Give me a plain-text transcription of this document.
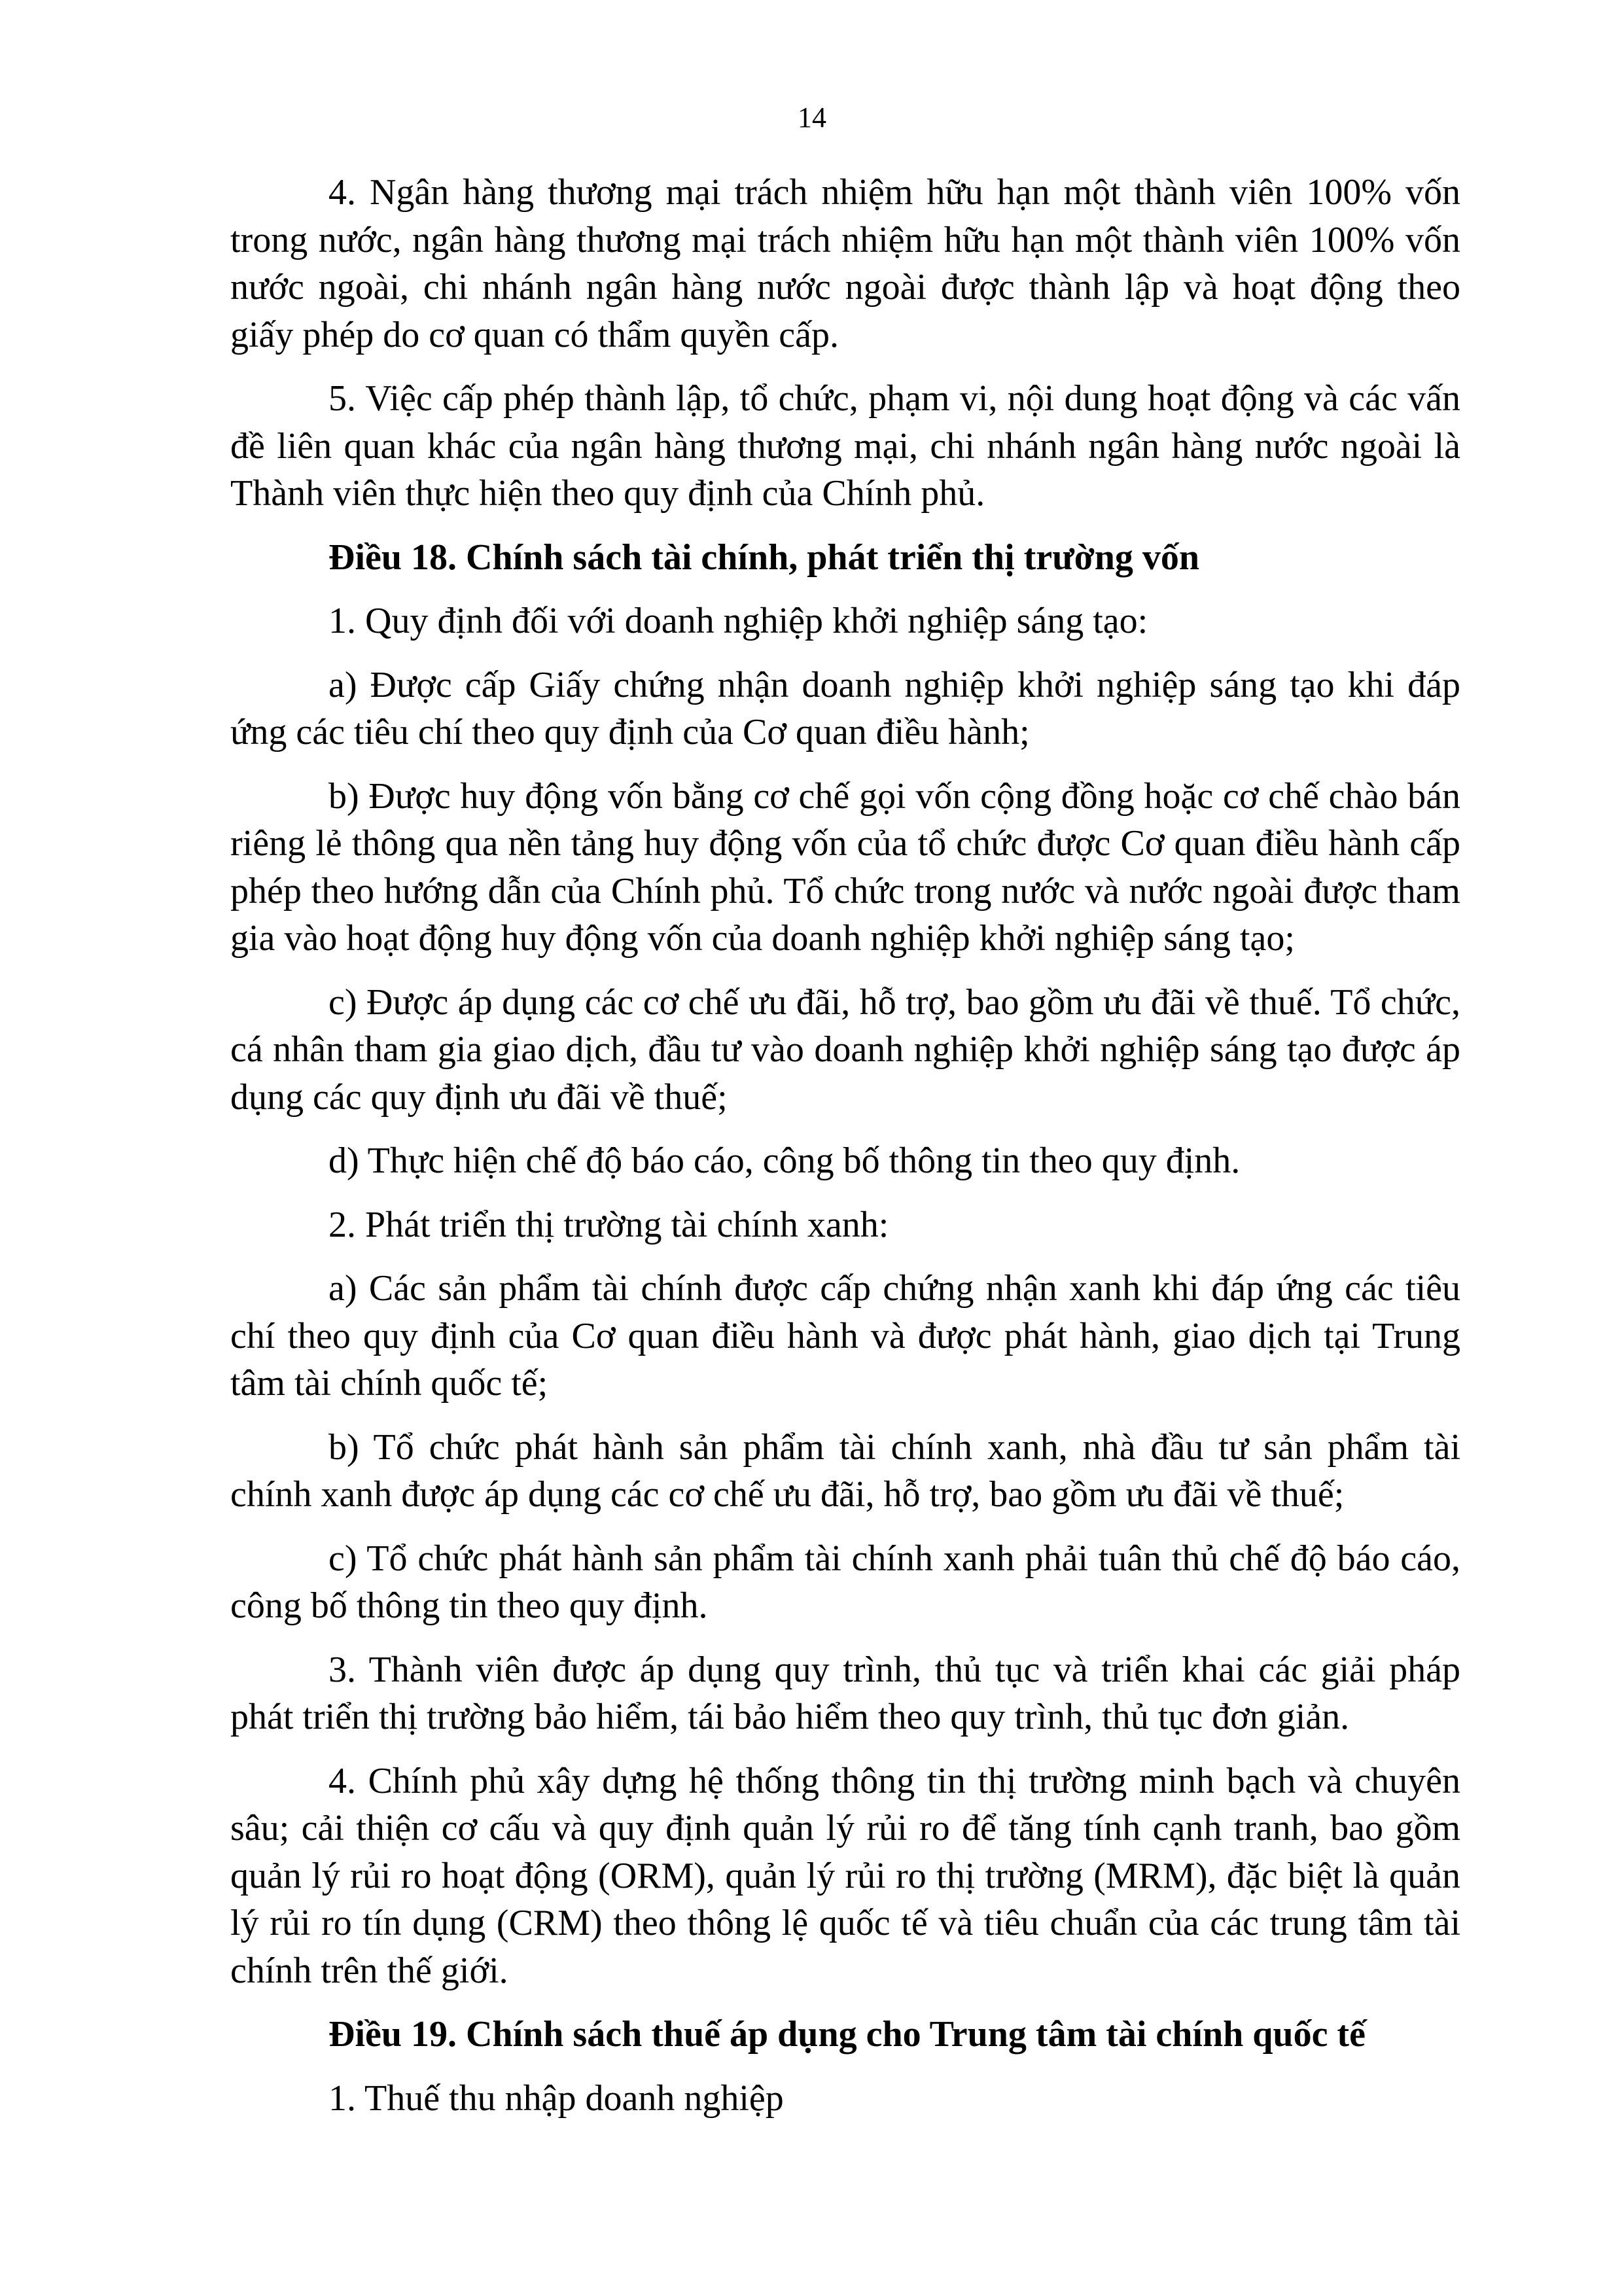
14

4. Ngân hàng thương mại trách nhiệm hữu hạn một thành viên 100% vốn trong nước, ngân hàng thương mại trách nhiệm hữu hạn một thành viên 100% vốn nước ngoài, chi nhánh ngân hàng nước ngoài được thành lập và hoạt động theo giấy phép do cơ quan có thẩm quyền cấp.

5. Việc cấp phép thành lập, tổ chức, phạm vi, nội dung hoạt động và các vấn đề liên quan khác của ngân hàng thương mại, chi nhánh ngân hàng nước ngoài là Thành viên thực hiện theo quy định của Chính phủ.

Điều 18. Chính sách tài chính, phát triển thị trường vốn

1. Quy định đối với doanh nghiệp khởi nghiệp sáng tạo:

a) Được cấp Giấy chứng nhận doanh nghiệp khởi nghiệp sáng tạo khi đáp ứng các tiêu chí theo quy định của Cơ quan điều hành;

b) Được huy động vốn bằng cơ chế gọi vốn cộng đồng hoặc cơ chế chào bán riêng lẻ thông qua nền tảng huy động vốn của tổ chức được Cơ quan điều hành cấp phép theo hướng dẫn của Chính phủ. Tổ chức trong nước và nước ngoài được tham gia vào hoạt động huy động vốn của doanh nghiệp khởi nghiệp sáng tạo;

c) Được áp dụng các cơ chế ưu đãi, hỗ trợ, bao gồm ưu đãi về thuế. Tổ chức, cá nhân tham gia giao dịch, đầu tư vào doanh nghiệp khởi nghiệp sáng tạo được áp dụng các quy định ưu đãi về thuế;

d) Thực hiện chế độ báo cáo, công bố thông tin theo quy định.

2. Phát triển thị trường tài chính xanh:

a) Các sản phẩm tài chính được cấp chứng nhận xanh khi đáp ứng các tiêu chí theo quy định của Cơ quan điều hành và được phát hành, giao dịch tại Trung tâm tài chính quốc tế;

b) Tổ chức phát hành sản phẩm tài chính xanh, nhà đầu tư sản phẩm tài chính xanh được áp dụng các cơ chế ưu đãi, hỗ trợ, bao gồm ưu đãi về thuế;

c) Tổ chức phát hành sản phẩm tài chính xanh phải tuân thủ chế độ báo cáo, công bố thông tin theo quy định.

3. Thành viên được áp dụng quy trình, thủ tục và triển khai các giải pháp phát triển thị trường bảo hiểm, tái bảo hiểm theo quy trình, thủ tục đơn giản.

4. Chính phủ xây dựng hệ thống thông tin thị trường minh bạch và chuyên sâu; cải thiện cơ cấu và quy định quản lý rủi ro để tăng tính cạnh tranh, bao gồm quản lý rủi ro hoạt động (ORM), quản lý rủi ro thị trường (MRM), đặc biệt là quản lý rủi ro tín dụng (CRM) theo thông lệ quốc tế và tiêu chuẩn của các trung tâm tài chính trên thế giới.

Điều 19. Chính sách thuế áp dụng cho Trung tâm tài chính quốc tế

1. Thuế thu nhập doanh nghiệp
